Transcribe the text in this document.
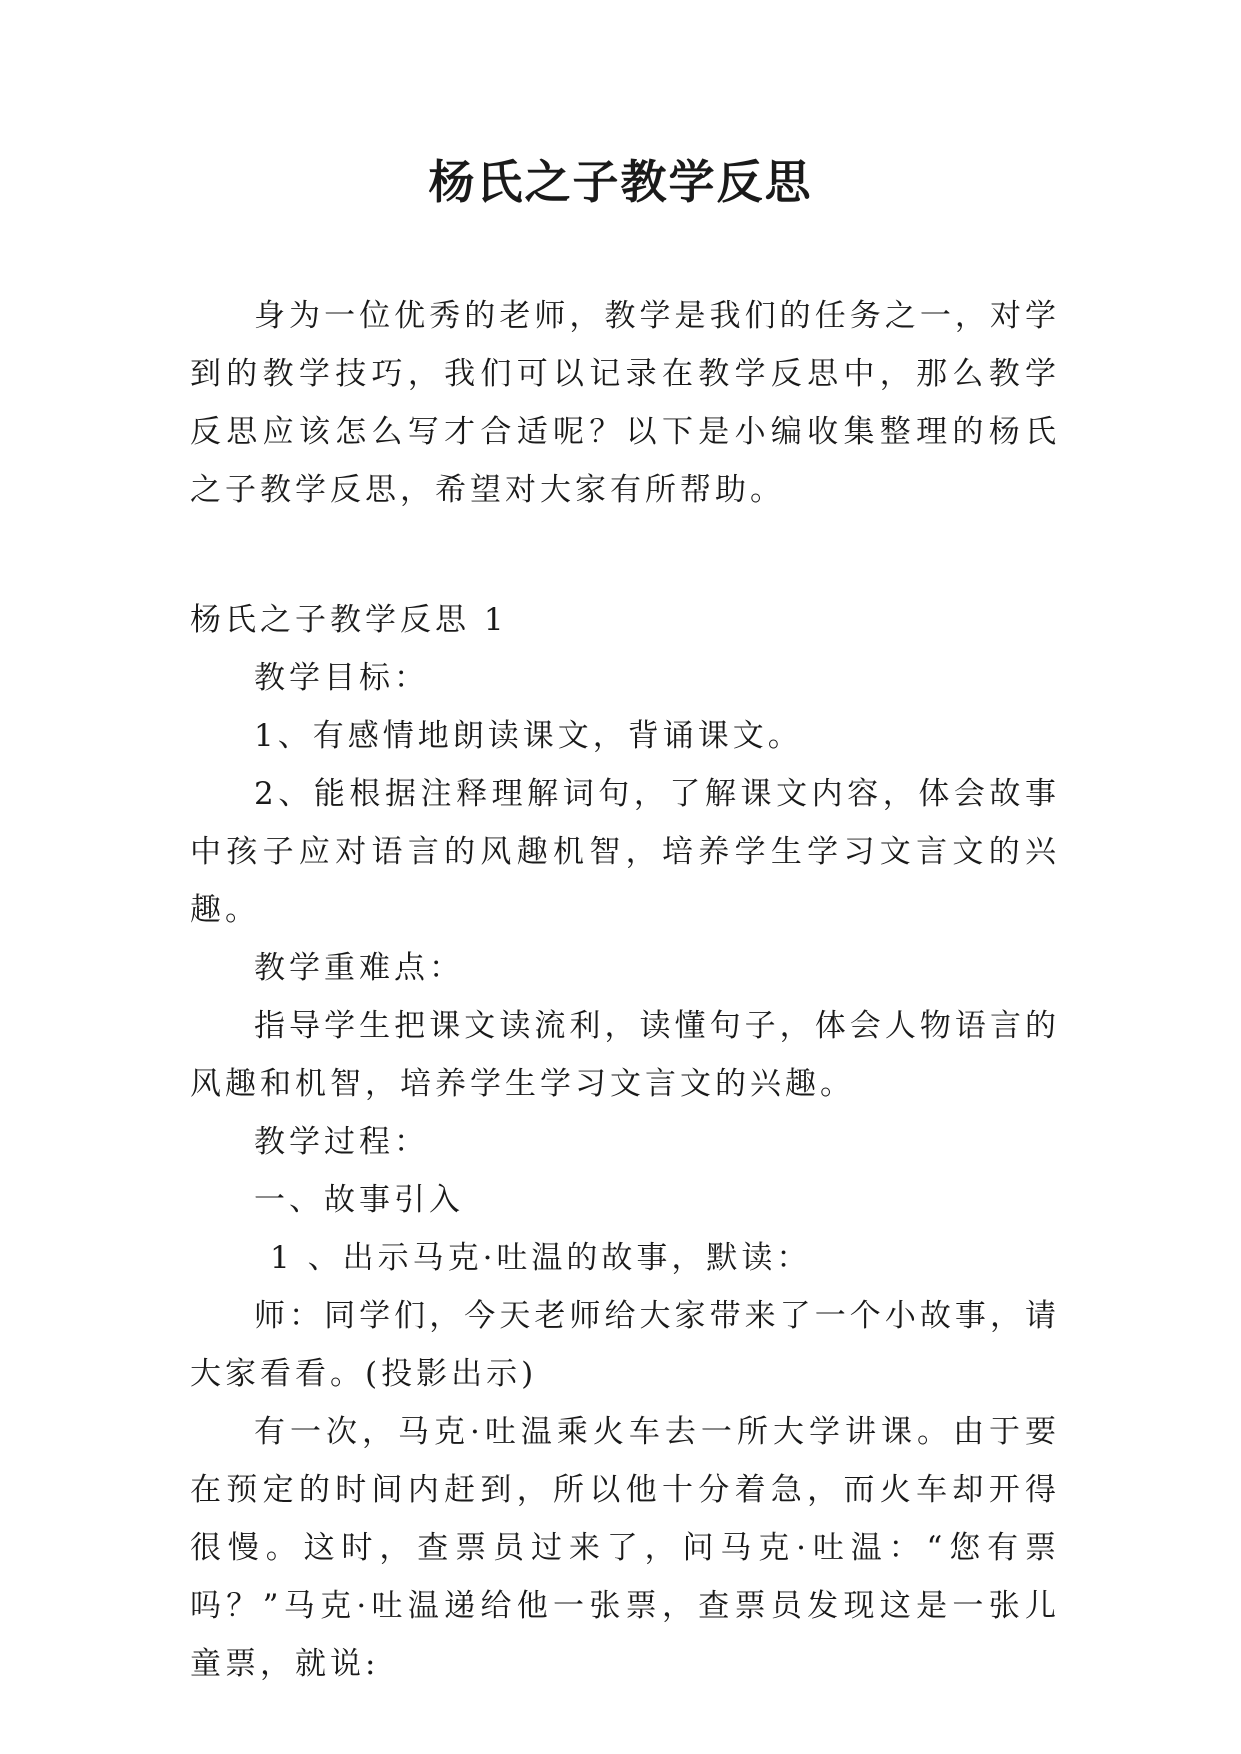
杨氏之子教学反思

身为一位优秀的老师，教学是我们的任务之一，对学到的教学技巧，我们可以记录在教学反思中，那么教学反思应该怎么写才合适呢？以下是小编收集整理的杨氏之子教学反思，希望对大家有所帮助。

杨氏之子教学反思 1

教学目标：

1、有感情地朗读课文，背诵课文。

2、能根据注释理解词句，了解课文内容，体会故事中孩子应对语言的风趣机智，培养学生学习文言文的兴趣。

教学重难点：

指导学生把课文读流利，读懂句子，体会人物语言的风趣和机智，培养学生学习文言文的兴趣。

教学过程：

一、故事引入

1 、出示马克·吐温的故事，默读：

师：同学们，今天老师给大家带来了一个小故事，请大家看看。(投影出示)

有一次，马克·吐温乘火车去一所大学讲课。由于要在预定的时间内赶到，所以他十分着急，而火车却开得很慢。这时，查票员过来了，问马克·吐温：“您有票吗？”马克·吐温递给他一张票，查票员发现这是一张儿童票，就说:
